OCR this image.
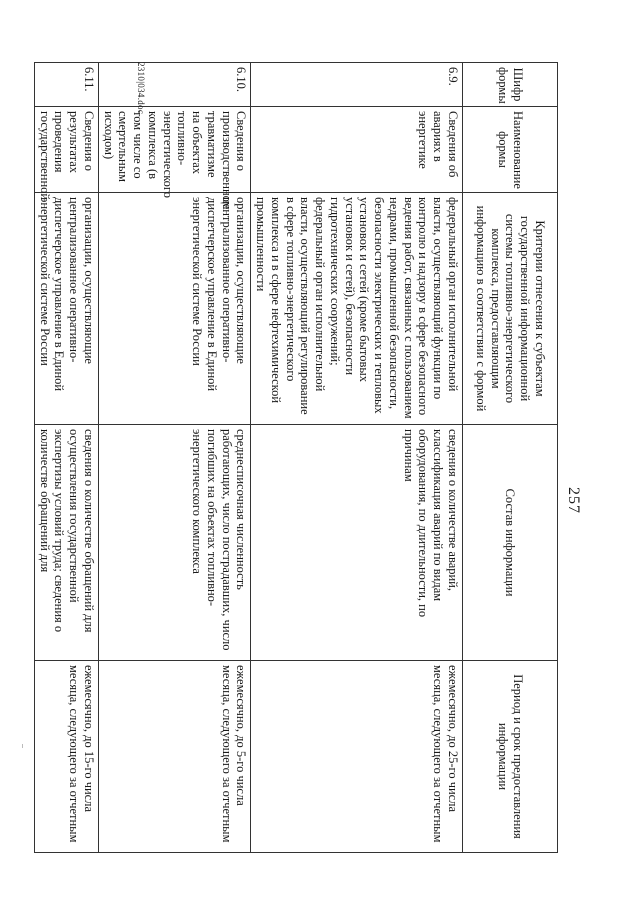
257
Шифр формы	Наименование формы	Критерии отнесения к субъектам государственной информационной системы топливно-энергетического комплекса, предоставляющим информацию в соответствии с формой	Состав информации	Период и срок предоставления информации
6.9.	Сведения об авариях в энергетике	федеральный орган исполнительной власти, осуществляющий функции по контролю и надзору в сфере безопасного ведения работ, связанных с пользованием недрами, промышленной безопасности, безопасности электрических и тепловых установок и сетей (кроме бытовых установок и сетей), безопасности гидротехнических сооружений; федеральный орган исполнительной власти, осуществляющий регулирование в сфере топливно-энергетического комплекса и в сфере нефтехимической промышленности	сведения о количестве аварий, классификация аварий по видам оборудования, по длительности, по причинам	ежемесячно, до 25-го числа месяца, следующего за отчетным
6.10.	Сведения о производственном травматизме на объектах топливно-энергетического комплекса (в том числе со смертельным исходом)	организации, осуществляющие централизованное оперативно-диспетчерское управление в Единой энергетической системе России	среднесписочная численность работающих, число пострадавших, число погибших на объектах топливно-энергетического комплекса	ежемесячно, до 5-го числа месяца, следующего за отчетным
6.11.	Сведения о результатах проведения государственной	организации, осуществляющие централизованное оперативно-диспетчерское управление в Единой энергетической системе России	сведения о количестве обращений для осуществления государственной экспертизы условий труда; сведения о количестве обращений для	ежемесячно, до 15-го числа месяца, следующего за отчетным
2310|034.doc
